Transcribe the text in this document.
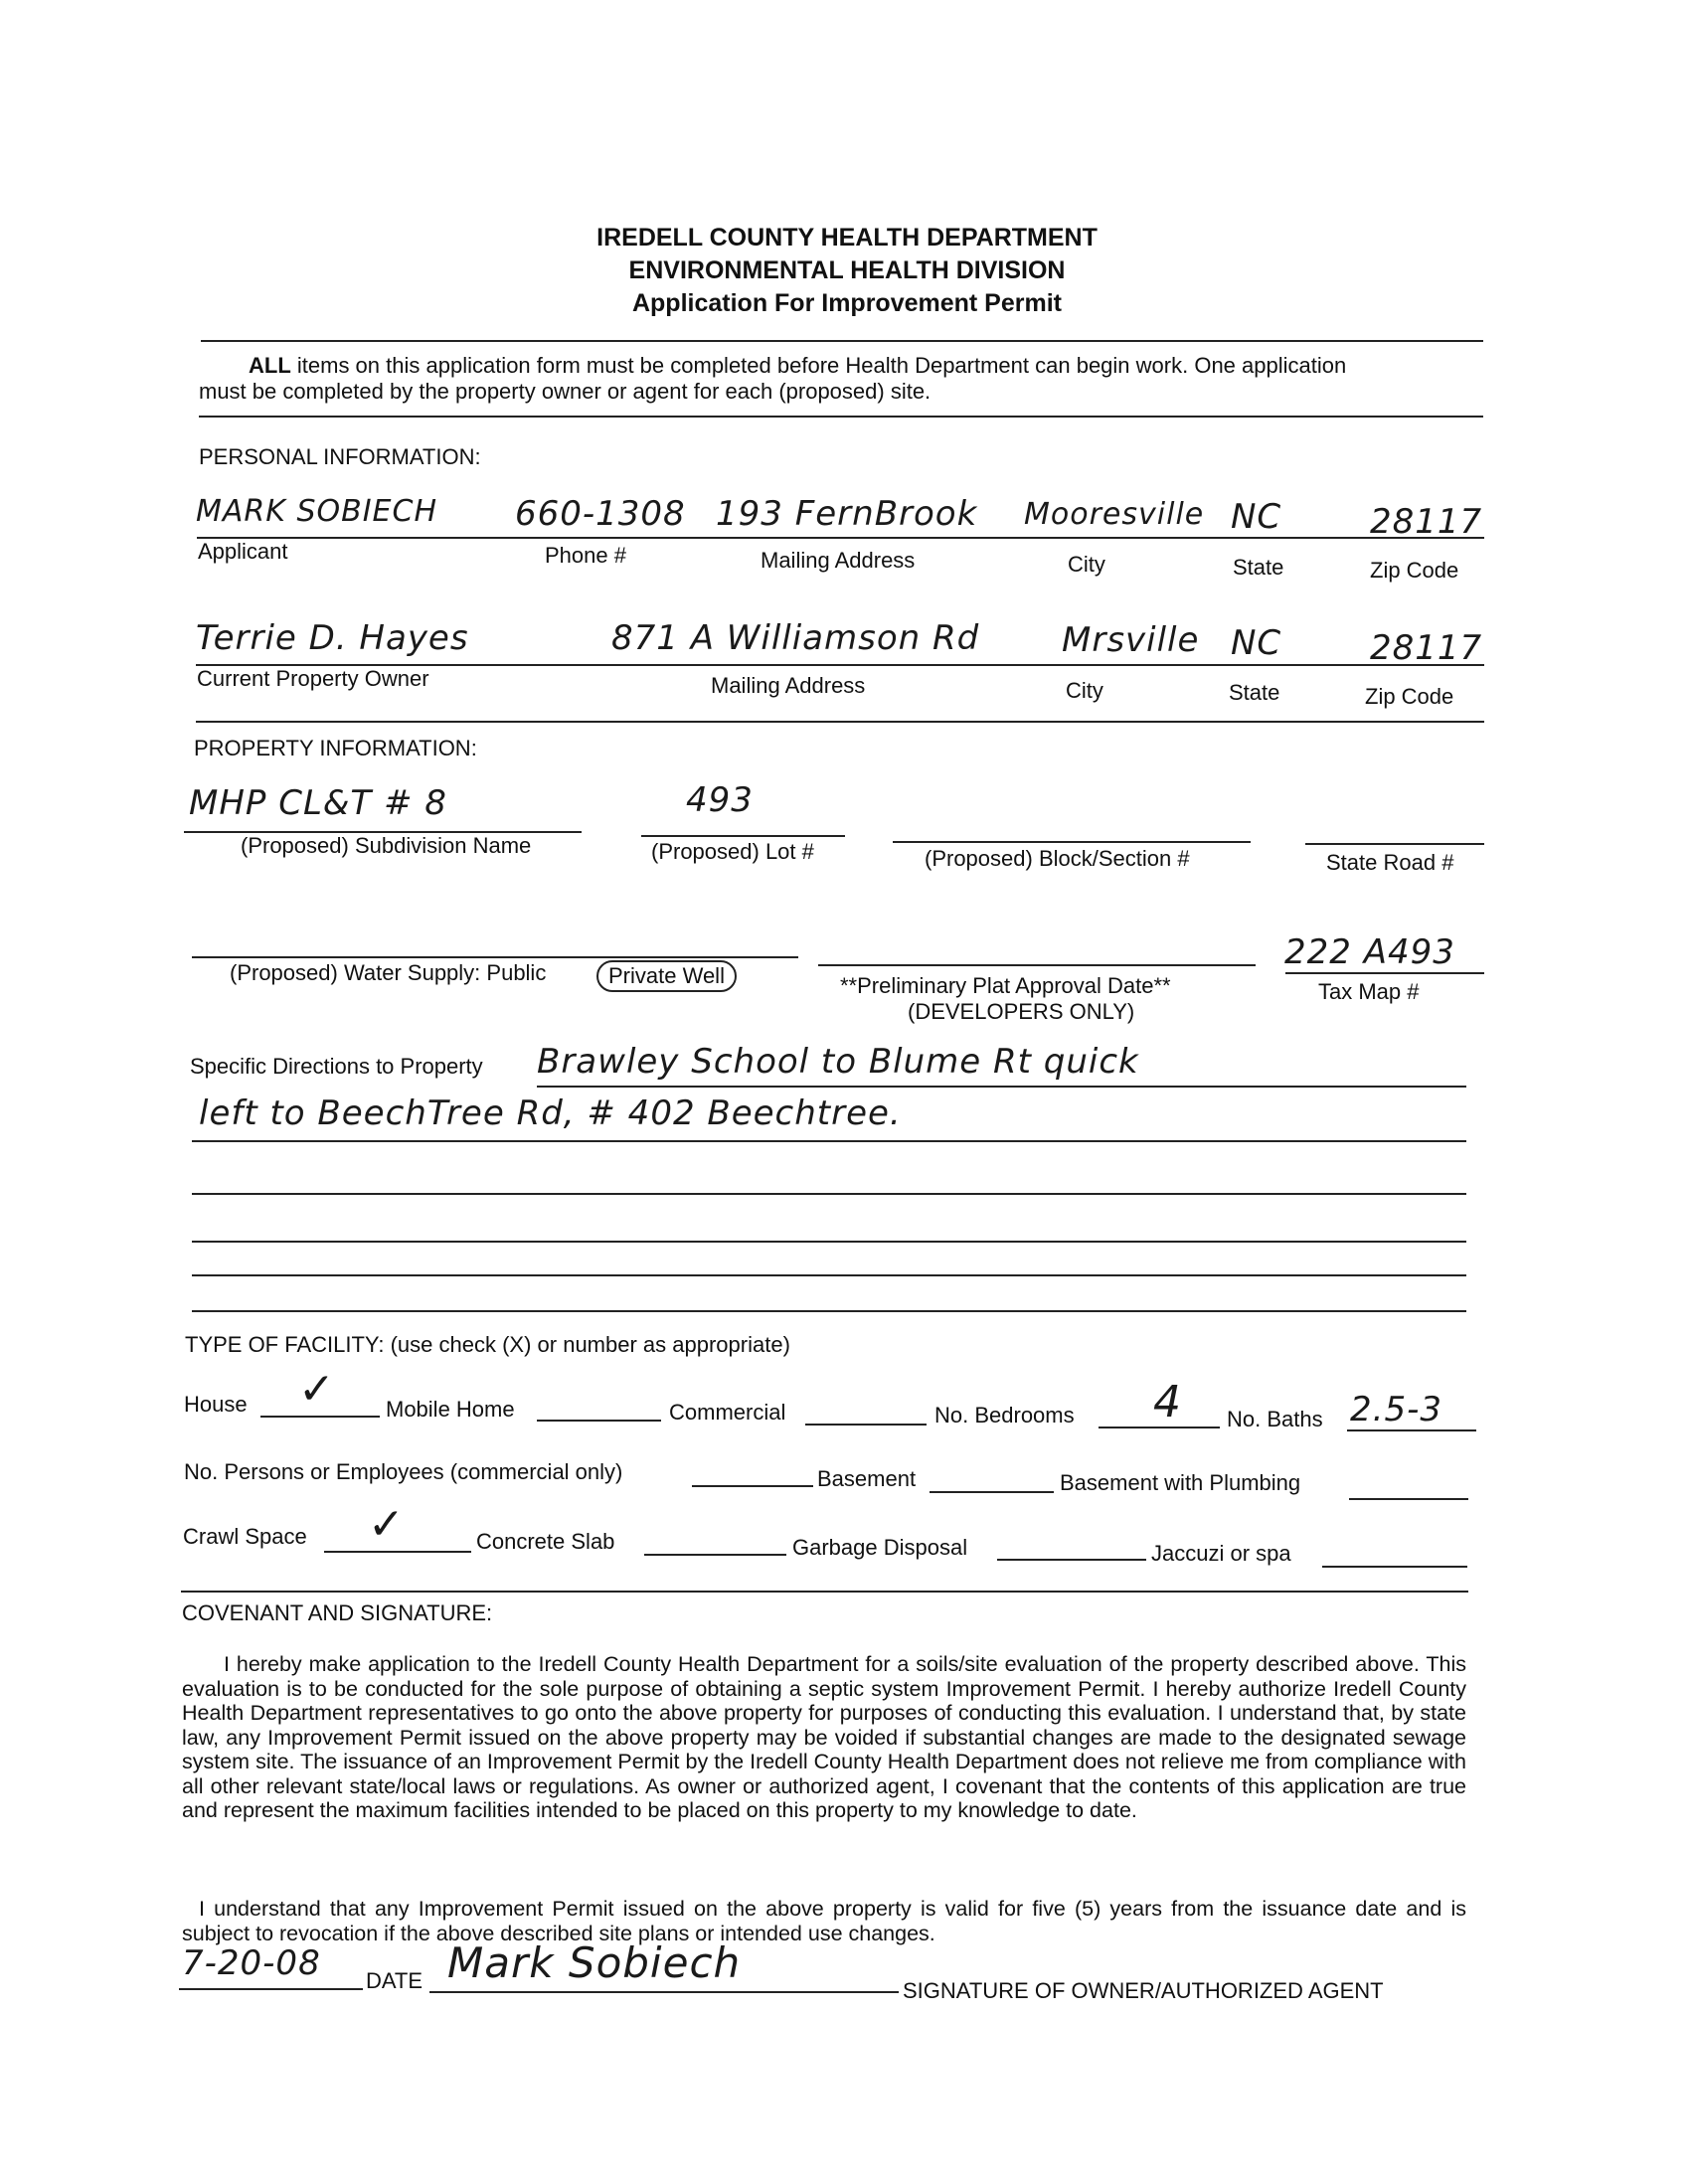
IREDELL COUNTY HEALTH DEPARTMENT
ENVIRONMENTAL HEALTH DIVISION
Application For Improvement Permit
ALL items on this application form must be completed before Health Department can begin work. One application
must be completed by the property owner or agent for each (proposed) site.
PERSONAL INFORMATION:
MARK SOBIECH 660-1308 193 FernBrook Mooresville NC	28117
Applicant	Phone #	Mailing Address	City	State	Zip Code
Terrie D. Hayes	871 A Williamson Rd Mrsville NC	28117
Current Property Owner	Mailing Address	City	State	Zip Code
PROPERTY INFORMATION:
MHP CL&T # 8	493
(Proposed) Subdivision Name	(Proposed) Lot #	(Proposed) Block/Section #	State Road #
222 A493
(Proposed) Water Supply: Public	Private Well	**Preliminary Plat Approval Date**
(DEVELOPERS ONLY)
Tax Map #
Specific Directions to Property Brawley School to Blume Rt quick
left to BeechTree Rd, # 402 Beechtree.
TYPE OF FACILITY: (use check (X) or number as appropriate)
House ✓ Mobile Home	Commercial	No. Bedrooms 4 No. Baths 2.5-3
No. Persons or Employees (commercial only)	Basement	Basement with Plumbing
Crawl Space ✓	Concrete Slab	Garbage Disposal	Jaccuzi or spa
COVENANT AND SIGNATURE:
I hereby make application to the Iredell County Health Department for a soils/site evaluation of the property described above. This evaluation is to be conducted for the sole purpose of obtaining a septic system Improvement Permit. I hereby authorize Iredell County Health Department representatives to go onto the above property for purposes of conducting this evaluation. I understand that, by state law, any Improvement Permit issued on the above property may be voided if substantial changes are made to the designated sewage system site. The issuance of an Improvement Permit by the Iredell County Health Department does not relieve me from compliance with all other relevant state/local laws or regulations. As owner or authorized agent, I covenant that the contents of this application are true and represent the maximum facilities intended to be placed on this property to my knowledge to date.
I understand that any Improvement Permit issued on the above property is valid for five (5) years from the issuance date and is subject to revocation if the above described site plans or intended use changes.
7-20-08 DATE Mark Sobiech
SIGNATURE OF OWNER/AUTHORIZED AGENT
